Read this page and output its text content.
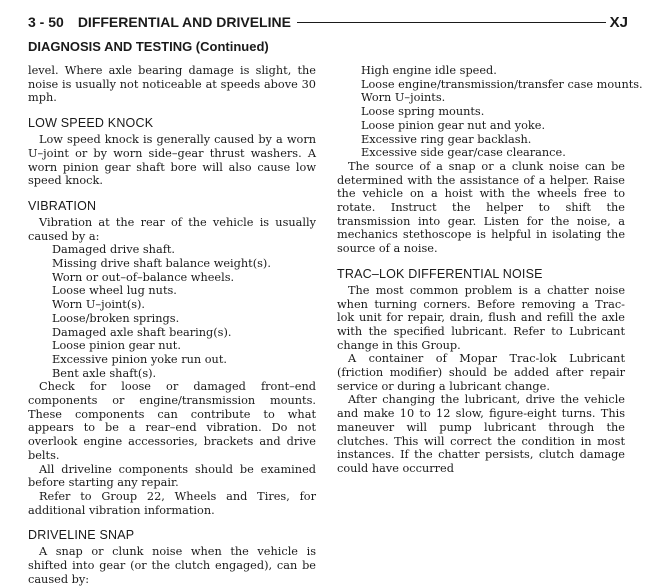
3 - 50 DIFFERENTIAL AND DRIVELINE	XJ
DIAGNOSIS AND TESTING (Continued)

level. Where axle bearing damage is slight, the noise is usually not noticeable at speeds above 30 mph.

LOW SPEED KNOCK

Low speed knock is generally caused by a worn U–joint or by worn side–gear thrust washers. A worn pinion gear shaft bore will also cause low speed knock.

VIBRATION

Vibration at the rear of the vehicle is usually caused by a:

Damaged drive shaft.
Missing drive shaft balance weight(s).
Worn or out–of–balance wheels.
Loose wheel lug nuts.
Worn U–joint(s).
Loose/broken springs.
Damaged axle shaft bearing(s).
Loose pinion gear nut.
Excessive pinion yoke run out.
Bent axle shaft(s).

Check for loose or damaged front–end components or engine/transmission mounts. These components can contribute to what appears to be a rear–end vibration. Do not overlook engine accessories, brackets and drive belts.

All driveline components should be examined before starting any repair.

Refer to Group 22, Wheels and Tires, for additional vibration information.

DRIVELINE SNAP

A snap or clunk noise when the vehicle is shifted into gear (or the clutch engaged), can be caused by:

High engine idle speed.
Loose engine/transmission/transfer case mounts.
Worn U–joints.
Loose spring mounts.
Loose pinion gear nut and yoke.
Excessive ring gear backlash.
Excessive side gear/case clearance.

The source of a snap or a clunk noise can be determined with the assistance of a helper. Raise the vehicle on a hoist with the wheels free to rotate. Instruct the helper to shift the transmission into gear. Listen for the noise, a mechanics stethoscope is helpful in isolating the source of a noise.

TRAC–LOK DIFFERENTIAL NOISE

The most common problem is a chatter noise when turning corners. Before removing a Trac-lok unit for repair, drain, flush and refill the axle with the specified lubricant. Refer to Lubricant change in this Group.

A container of Mopar Trac-lok Lubricant (friction modifier) should be added after repair service or during a lubricant change.

After changing the lubricant, drive the vehicle and make 10 to 12 slow, figure-eight turns. This maneuver will pump lubricant through the clutches. This will correct the condition in most instances. If the chatter persists, clutch damage could have occurred
